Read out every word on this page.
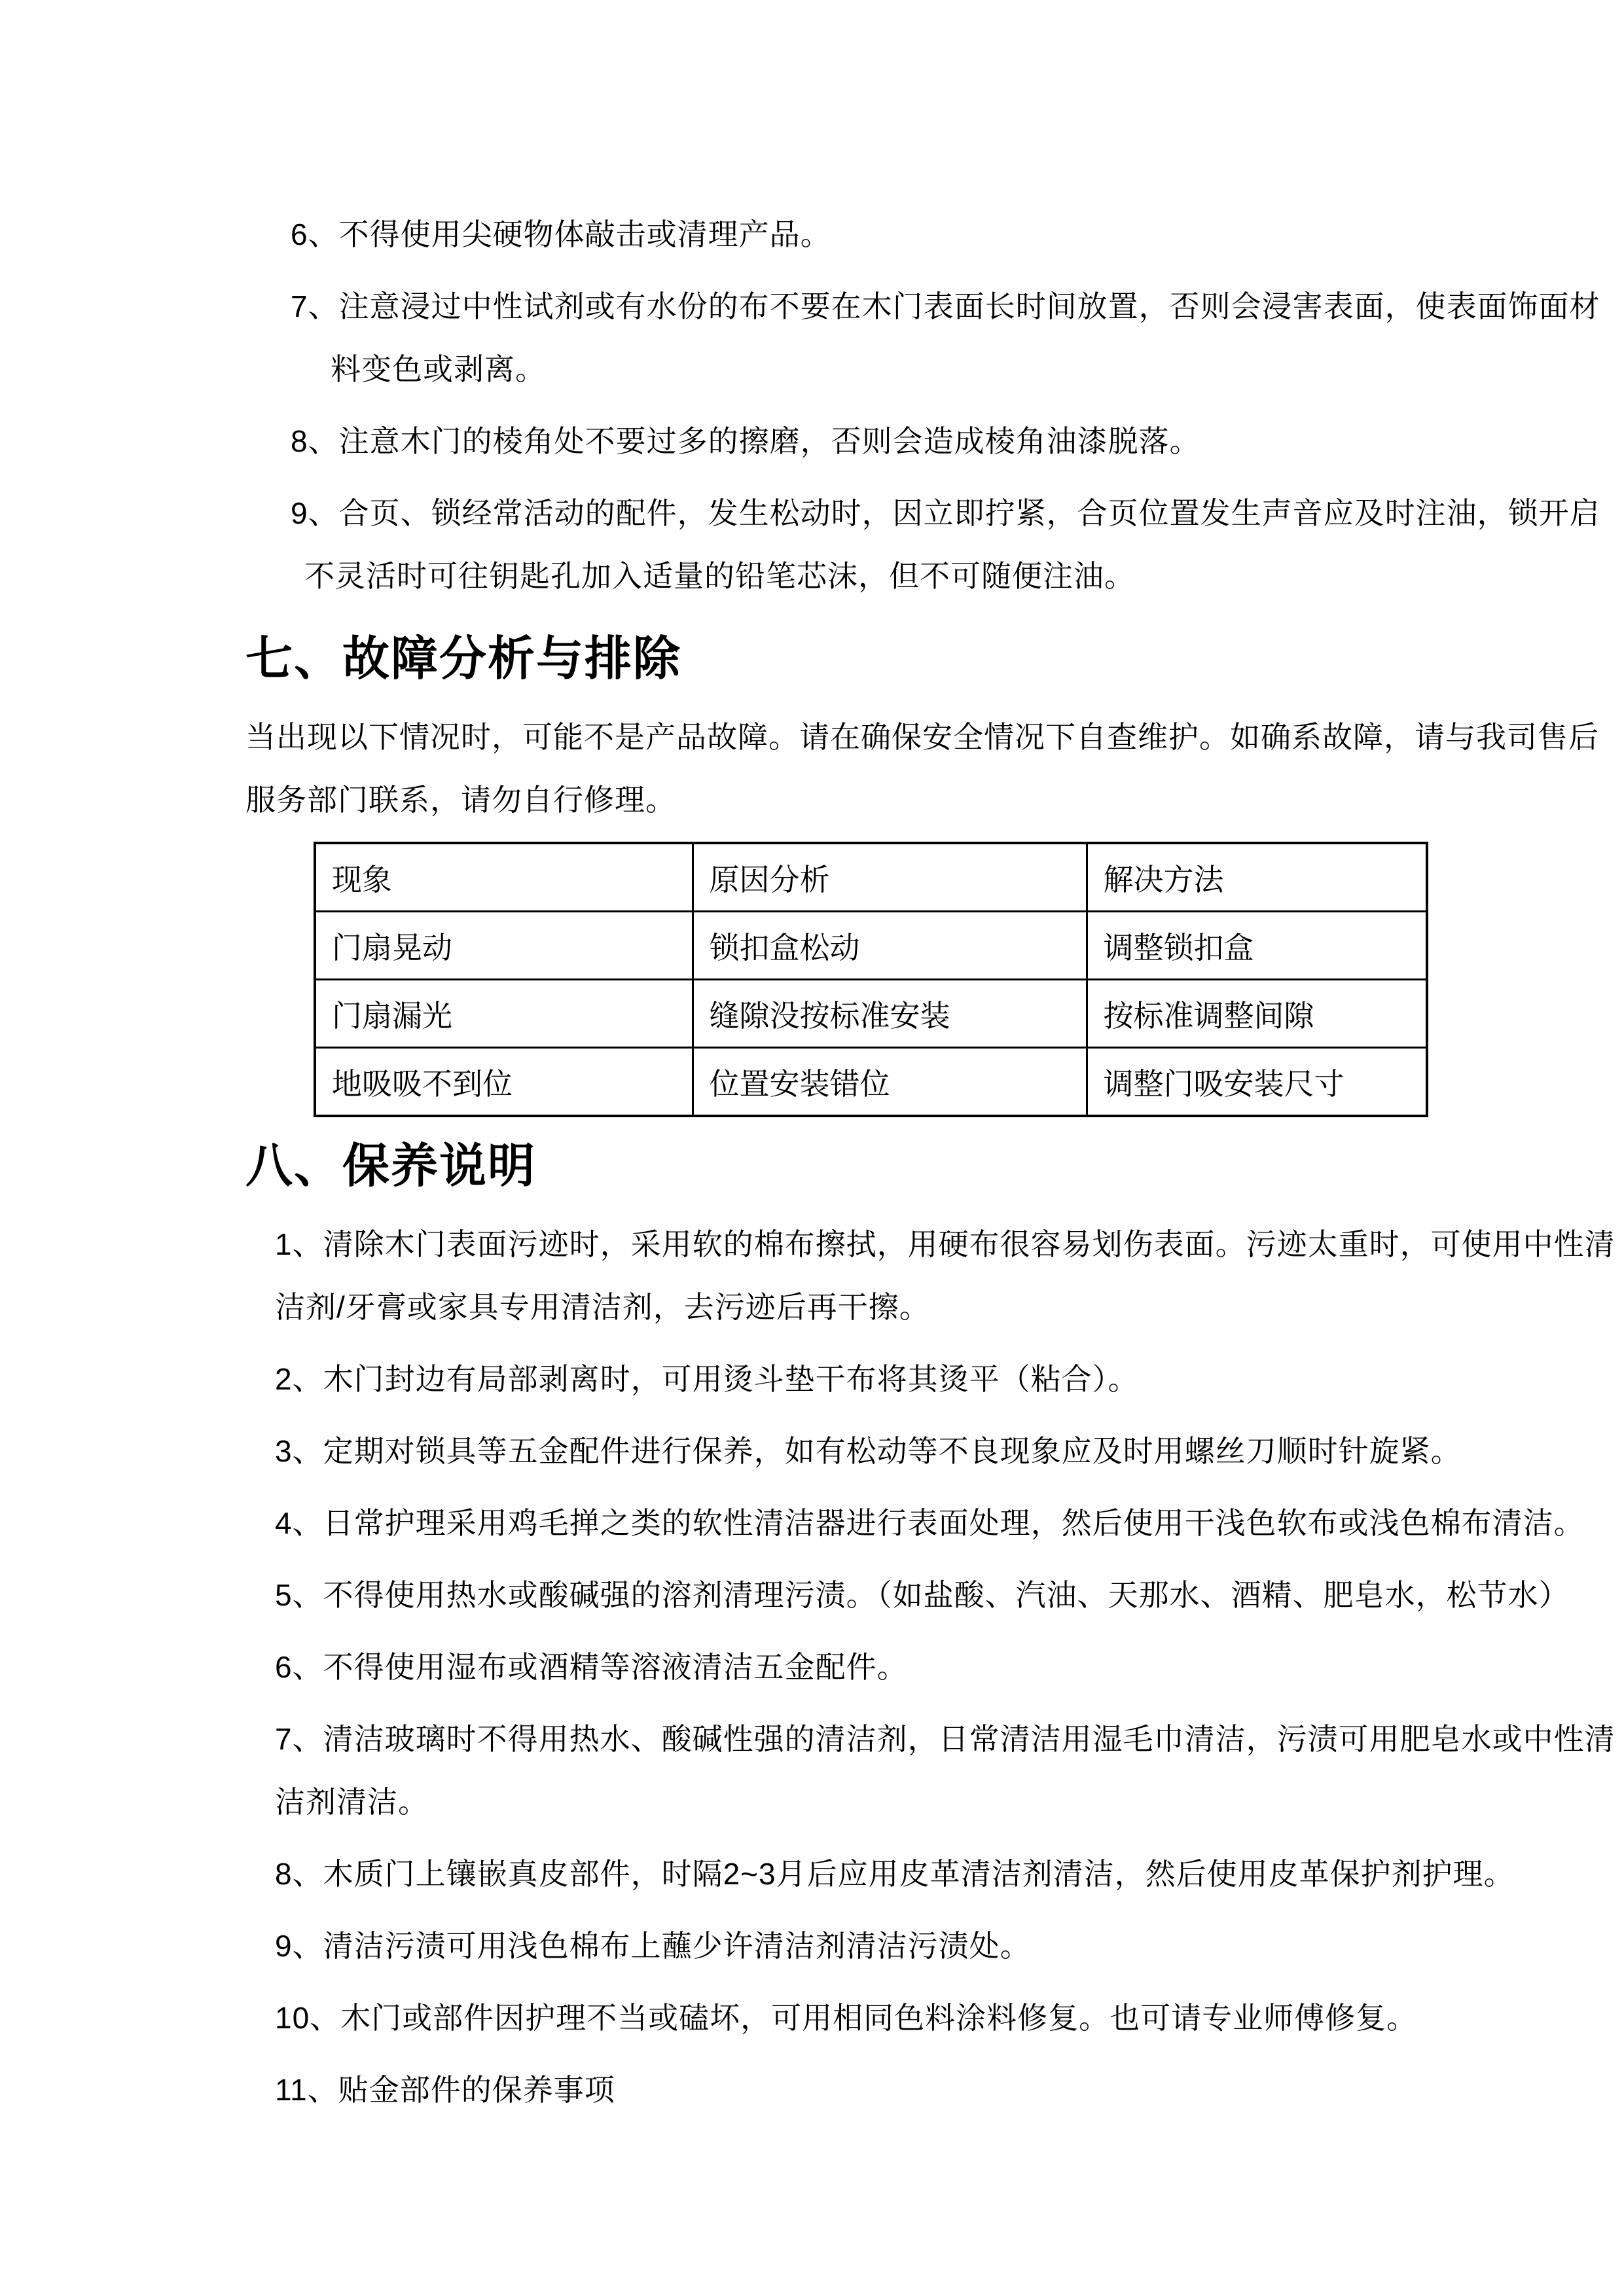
6、不得使用尖硬物体敲击或清理产品。
7、注意浸过中性试剂或有水份的布不要在木门表面长时间放置，否则会浸害表面，使表面饰面材
料变色或剥离。
8、注意木门的棱角处不要过多的擦磨，否则会造成棱角油漆脱落。
9、合页、锁经常活动的配件，发生松动时，因立即拧紧，合页位置发生声音应及时注油，锁开启
不灵活时可往钥匙孔加入适量的铅笔芯沫，但不可随便注油。
七、故障分析与排除
当出现以下情况时，可能不是产品故障。请在确保安全情况下自查维护。如确系故障，请与我司售后
服务部门联系，请勿自行修理。
现象	原因分析	解决方法
门扇晃动	锁扣盒松动	调整锁扣盒
门扇漏光	缝隙没按标准安装	按标准调整间隙
地吸吸不到位	位置安装错位	调整门吸安装尺寸
八、保养说明
1、清除木门表面污迹时，采用软的棉布擦拭，用硬布很容易划伤表面。污迹太重时，可使用中性清
洁剂/牙膏或家具专用清洁剂，去污迹后再干擦。
2、木门封边有局部剥离时，可用烫斗垫干布将其烫平（粘合）。
3、定期对锁具等五金配件进行保养，如有松动等不良现象应及时用螺丝刀顺时针旋紧。
4、日常护理采用鸡毛掸之类的软性清洁器进行表面处理，然后使用干浅色软布或浅色棉布清洁。
5、不得使用热水或酸碱强的溶剂清理污渍。（如盐酸、汽油、天那水、酒精、肥皂水，松节水）
6、不得使用湿布或酒精等溶液清洁五金配件。
7、清洁玻璃时不得用热水、酸碱性强的清洁剂，日常清洁用湿毛巾清洁，污渍可用肥皂水或中性清
洁剂清洁。
8、木质门上镶嵌真皮部件，时隔2~3月后应用皮革清洁剂清洁，然后使用皮革保护剂护理。
9、清洁污渍可用浅色棉布上蘸少许清洁剂清洁污渍处。
10、木门或部件因护理不当或磕坏，可用相同色料涂料修复。也可请专业师傅修复。
11、贴金部件的保养事项
